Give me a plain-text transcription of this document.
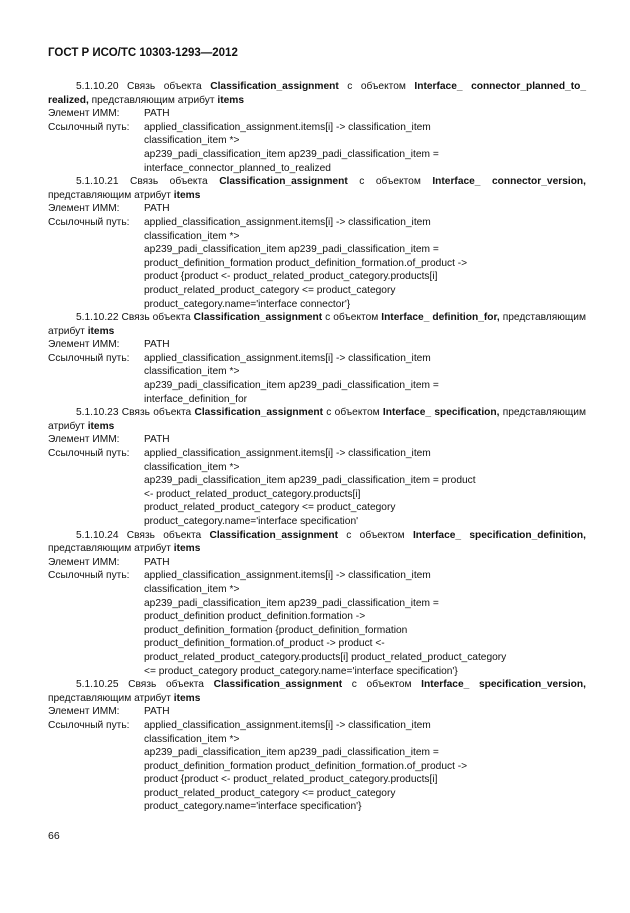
ГОСТ Р ИСО/ТС 10303-1293—2012

5.1.10.20 Связь объекта Classification_assignment с объектом Interface_ connector_planned_to_ realized, представляющим атрибут items

Элемент ИММ:	PATH
Ссылочный путь:	applied_classification_assignment.items[i] -> classification_item
classification_item *>
ap239_padi_classification_item ap239_padi_classification_item =
interface_connector_planned_to_realized

5.1.10.21 Связь объекта Classification_assignment с объектом Interface_ connector_version, представляющим атрибут items

Элемент ИММ:	PATH
Ссылочный путь:	applied_classification_assignment.items[i] -> classification_item
classification_item *>
ap239_padi_classification_item ap239_padi_classification_item =
product_definition_formation product_definition_formation.of_product ->
product {product <- product_related_product_category.products[i]
product_related_product_category <= product_category
product_category.name='interface connector'}

5.1.10.22 Связь объекта Classification_assignment с объектом Interface_ definition_for, представляющим атрибут items

Элемент ИММ:	PATH
Ссылочный путь:	applied_classification_assignment.items[i] -> classification_item
classification_item *>
ap239_padi_classification_item ap239_padi_classification_item =
interface_definition_for

5.1.10.23 Связь объекта Classification_assignment с объектом Interface_ specification, представляющим атрибут items

Элемент ИММ:	PATH
Ссылочный путь:	applied_classification_assignment.items[i] -> classification_item
classification_item *>
ap239_padi_classification_item ap239_padi_classification_item = product
<- product_related_product_category.products[i]
product_related_product_category <= product_category
product_category.name='interface specification'

5.1.10.24 Связь объекта Classification_assignment с объектом Interface_ specification_definition, представляющим атрибут items

Элемент ИММ:	PATH
Ссылочный путь:	applied_classification_assignment.items[i] -> classification_item
classification_item *>
ap239_padi_classification_item ap239_padi_classification_item =
product_definition product_definition.formation ->
product_definition_formation {product_definition_formation
product_definition_formation.of_product -> product <-
product_related_product_category.products[i] product_related_product_category
<= product_category product_category.name='interface specification'}

5.1.10.25 Связь объекта Classification_assignment с объектом Interface_ specification_version, представляющим атрибут items

Элемент ИММ:	PATH
Ссылочный путь:	applied_classification_assignment.items[i] -> classification_item
classification_item *>
ap239_padi_classification_item ap239_padi_classification_item =
product_definition_formation product_definition_formation.of_product ->
product {product <- product_related_product_category.products[i]
product_related_product_category <= product_category
product_category.name='interface specification'}
66
